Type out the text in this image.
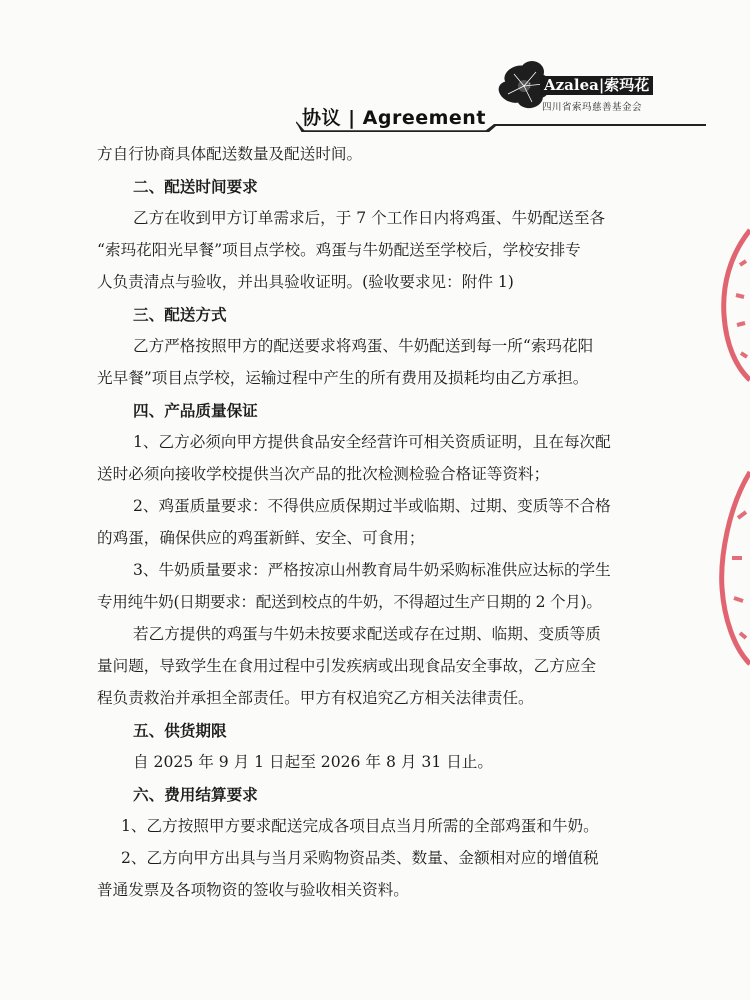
Azalea|索玛花
四川省索玛慈善基金会
协议 | Agreement
方自行协商具体配送数量及配送时间。
二、配送时间要求
乙方在收到甲方订单需求后，于 7 个工作日内将鸡蛋、牛奶配送至各
“索玛花阳光早餐”项目点学校。鸡蛋与牛奶配送至学校后，学校安排专
人负责清点与验收，并出具验收证明。(验收要求见：附件 1)
三、配送方式
乙方严格按照甲方的配送要求将鸡蛋、牛奶配送到每一所“索玛花阳
光早餐”项目点学校，运输过程中产生的所有费用及损耗均由乙方承担。
四、产品质量保证
1、乙方必须向甲方提供食品安全经营许可相关资质证明，且在每次配
送时必须向接收学校提供当次产品的批次检测检验合格证等资料；
2、鸡蛋质量要求：不得供应质保期过半或临期、过期、变质等不合格
的鸡蛋，确保供应的鸡蛋新鲜、安全、可食用；
3、牛奶质量要求：严格按凉山州教育局牛奶采购标准供应达标的学生
专用纯牛奶(日期要求：配送到校点的牛奶，不得超过生产日期的 2 个月)。
若乙方提供的鸡蛋与牛奶未按要求配送或存在过期、临期、变质等质
量问题，导致学生在食用过程中引发疾病或出现食品安全事故，乙方应全
程负责救治并承担全部责任。甲方有权追究乙方相关法律责任。
五、供货期限
自 2025 年 9 月 1 日起至 2026 年 8 月 31 日止。
六、费用结算要求
1、乙方按照甲方要求配送完成各项目点当月所需的全部鸡蛋和牛奶。
2、乙方向甲方出具与当月采购物资品类、数量、金额相对应的增值税
普通发票及各项物资的签收与验收相关资料。
